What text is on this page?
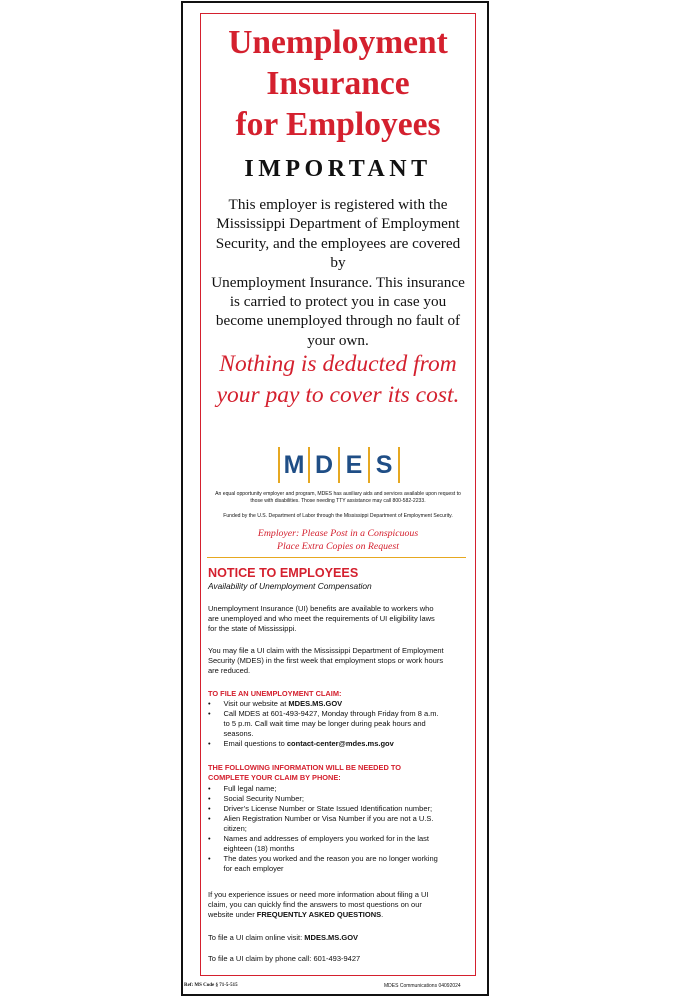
Unemployment
Insurance
for Employees
IMPORTANT
This employer is registered with the
Mississippi Department of Employment
Security, and the employees are covered by
Unemployment Insurance. This insurance
is carried to protect you in case you
become unemployed through no fault of
your own.
Nothing is deducted from
your pay to cover its cost.
M D E S
An equal opportunity employer and program, MDES has auxiliary aids and services available upon request to
those with disabilities. Those needing TTY assistance may call 800-582-2233.
Funded by the U.S. Department of Labor through the Mississippi Department of Employment Security.
Employer: Please Post in a Conspicuous
Place Extra Copies on Request
NOTICE TO EMPLOYEES
Availability of Unemployment Compensation
Unemployment Insurance (UI) benefits are available to workers who
are unemployed and who meet the requirements of UI eligibility laws
for the state of Mississippi.
You may file a UI claim with the Mississippi Department of Employment
Security (MDES) in the first week that employment stops or work hours
are reduced.
TO FILE AN UNEMPLOYMENT CLAIM:
• Visit our website at MDES.MS.GOV
• Call MDES at 601-493-9427, Monday through Friday from 8 a.m.
to 5 p.m. Call wait time may be longer during peak hours and
seasons.
• Email questions to contact-center@mdes.ms.gov
THE FOLLOWING INFORMATION WILL BE NEEDED TO
COMPLETE YOUR CLAIM BY PHONE:
• Full legal name;
• Social Security Number;
• Driver’s License Number or State Issued Identification number;
• Alien Registration Number or Visa Number if you are not a U.S.
citizen;
• Names and addresses of employers you worked for in the last
eighteen (18) months
• The dates you worked and the reason you are no longer working
for each employer
If you experience issues or need more information about filing a UI
claim, you can quickly find the answers to most questions on our
website under FREQUENTLY ASKED QUESTIONS.
To file a UI claim online visit: MDES.MS.GOV
To file a UI claim by phone call: 601-493-9427
Ref: MS Code § 71-5-515	MDES Communications 04092024
